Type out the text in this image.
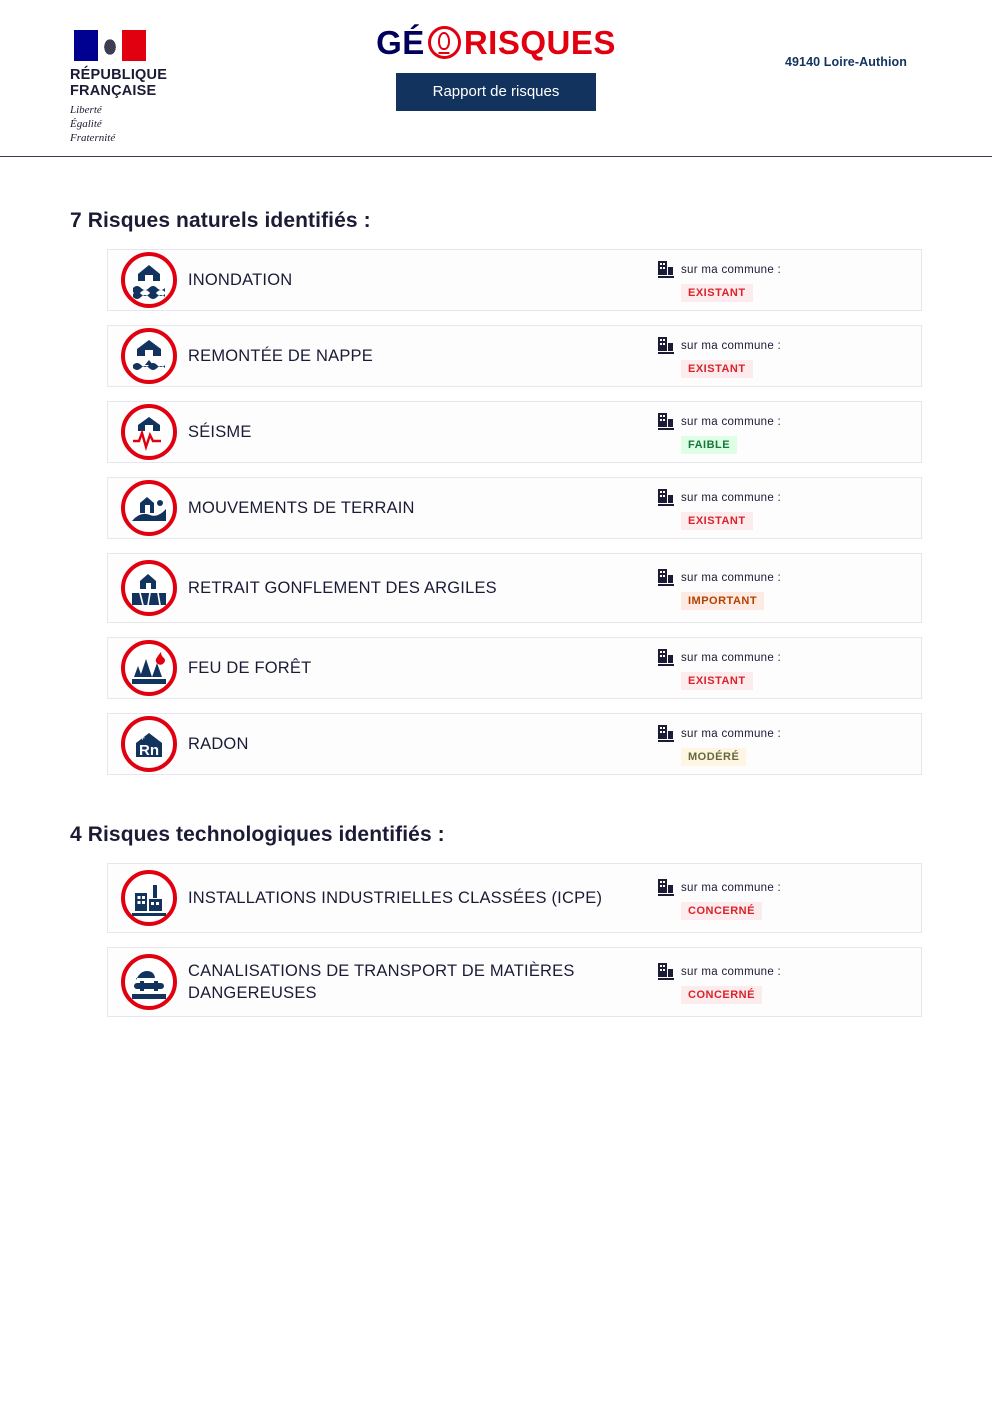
RÉPUBLIQUE
FRANÇAISE
Liberté
Égalité
Fraternité
GÉ RISQUES
Rapport de risques
49140 Loire-Authion
7 Risques naturels identifiés :
INONDATION
sur ma commune :
EXISTANT
REMONTÉE DE NAPPE
sur ma commune :
EXISTANT
SÉISME
sur ma commune :
FAIBLE
MOUVEMENTS DE TERRAIN
sur ma commune :
EXISTANT
RETRAIT GONFLEMENT DES ARGILES
sur ma commune :
IMPORTANT
FEU DE FORÊT
sur ma commune :
EXISTANT
Rn
+ + RADON
sur ma commune :
MODÉRÉ
4 Risques technologiques identifiés :
INSTALLATIONS INDUSTRIELLES CLASSÉES (ICPE)
sur ma commune :
CONCERNÉ
CANALISATIONS DE TRANSPORT DE MATIÈRES DANGEREUSES
sur ma commune :
CONCERNÉ
